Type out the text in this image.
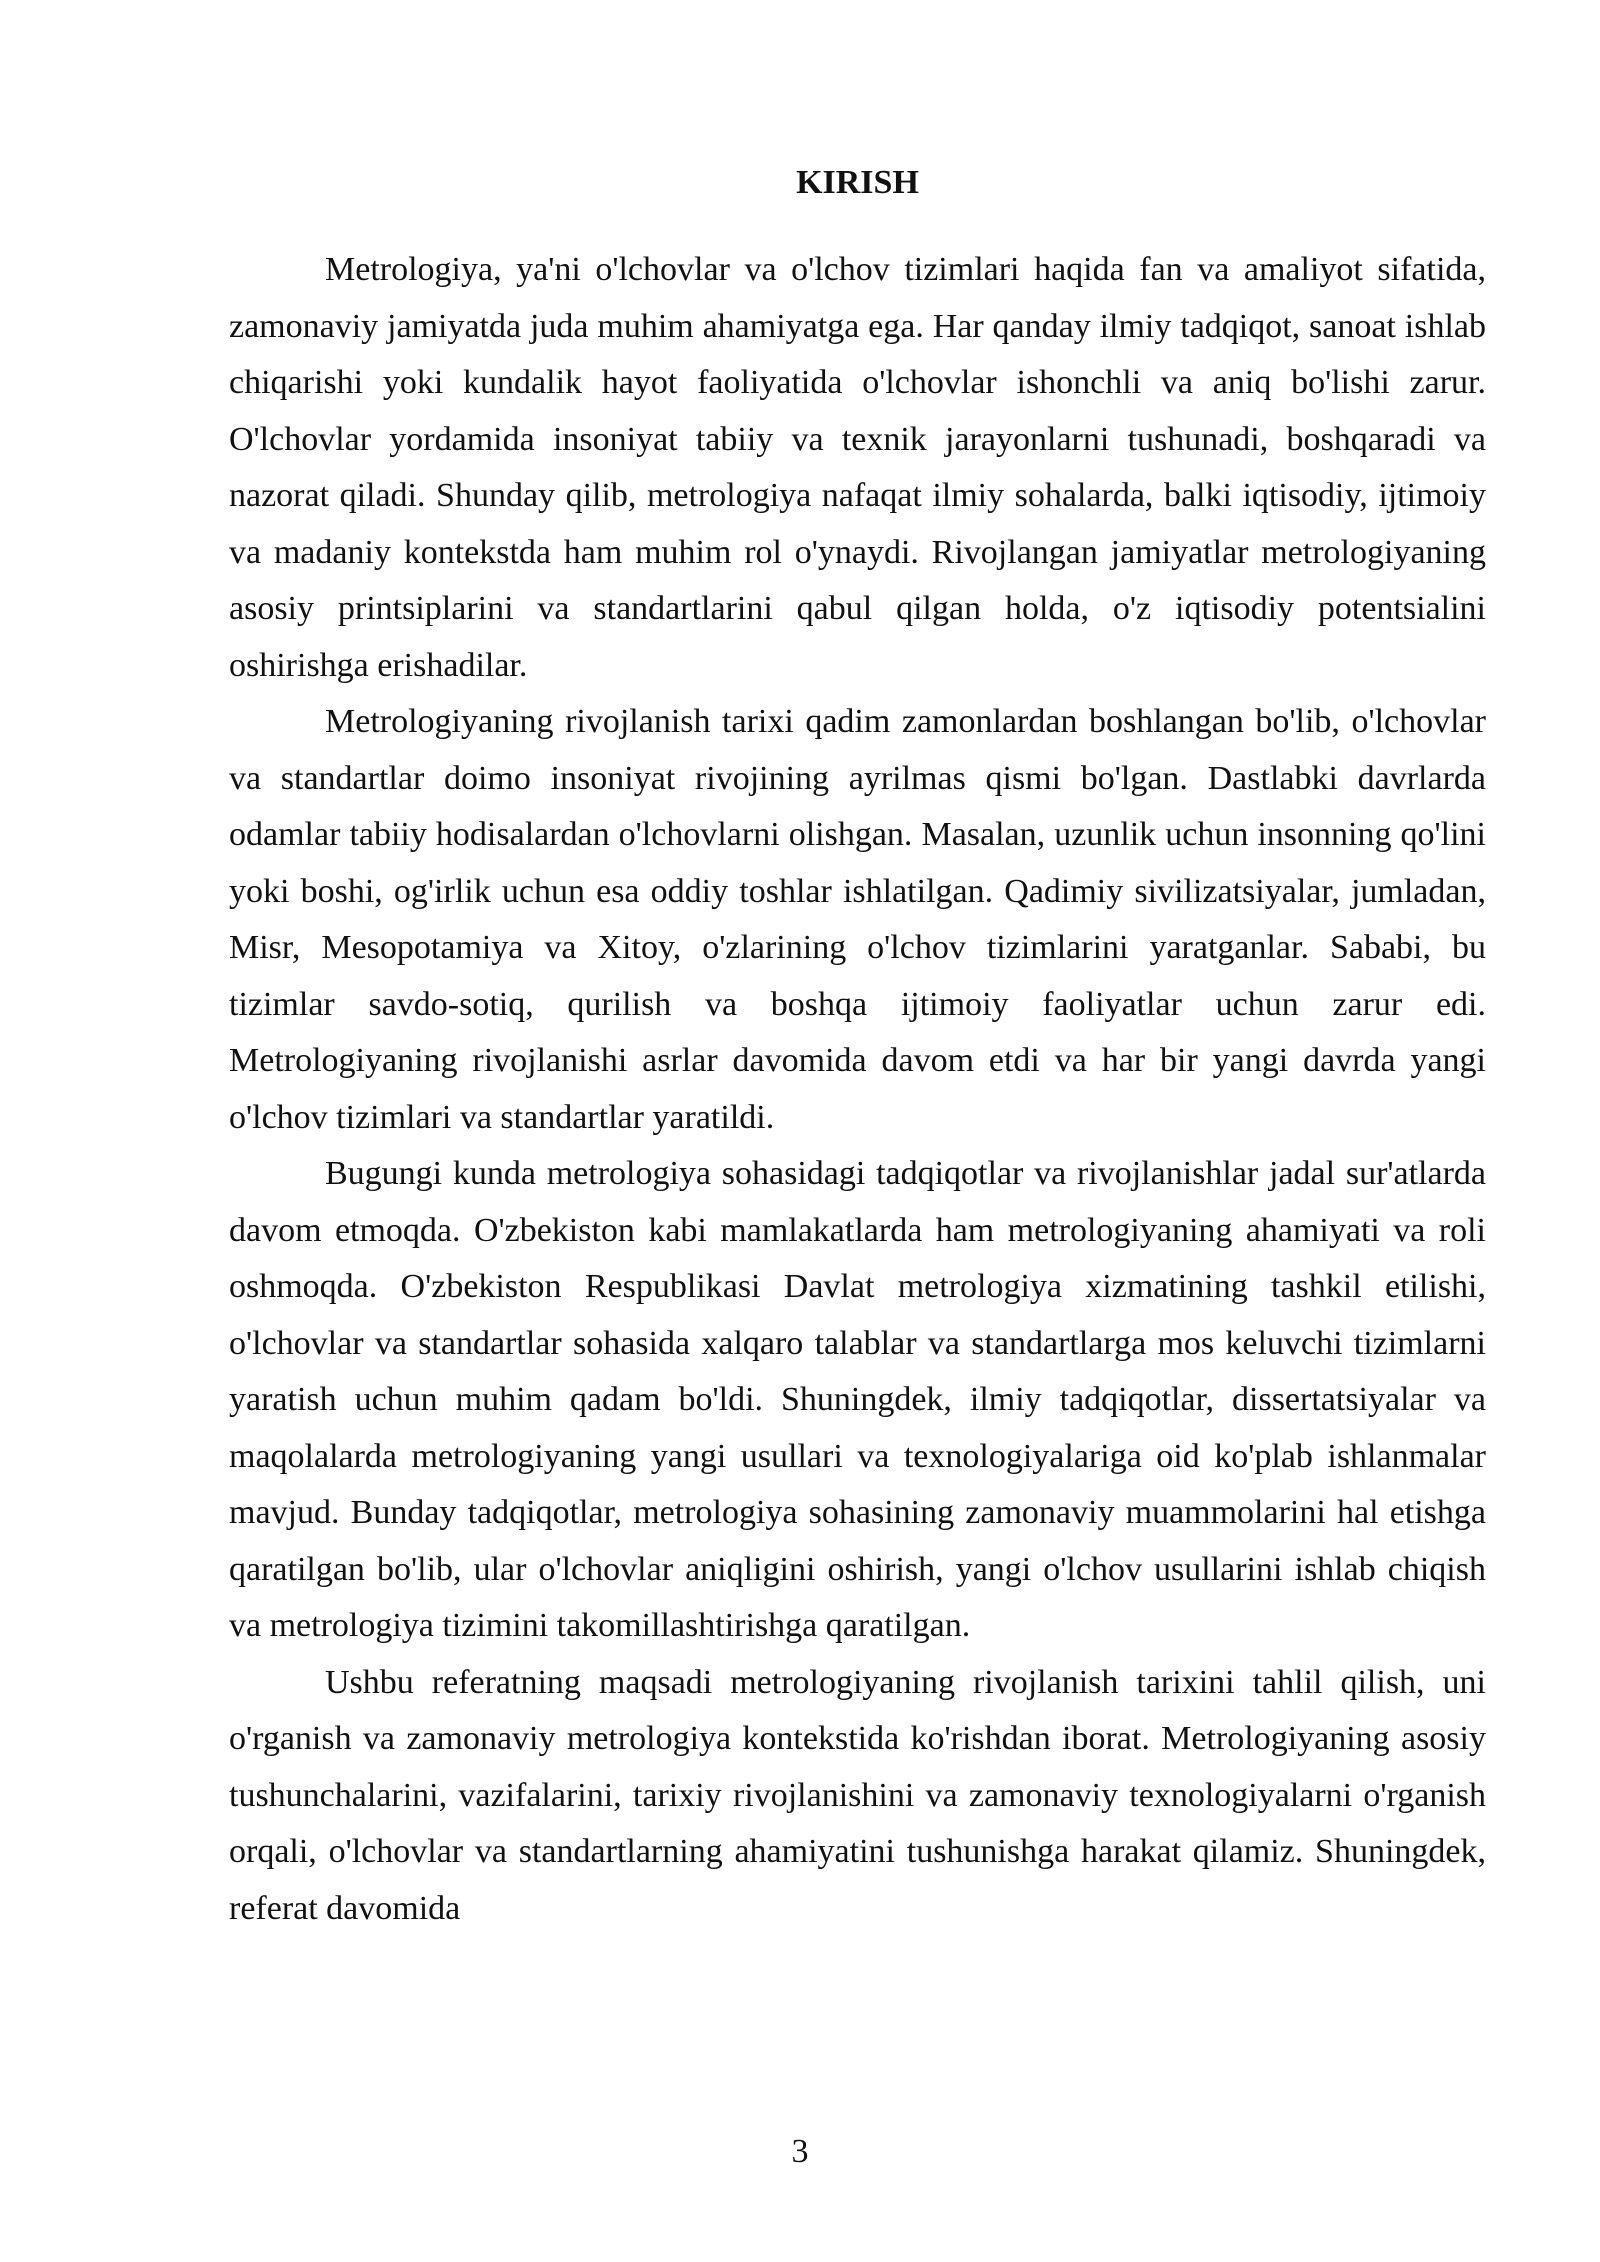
KIRISH

Metrologiya, ya'ni o'lchovlar va o'lchov tizimlari haqida fan va amaliyot sifatida, zamonaviy jamiyatda juda muhim ahamiyatga ega. Har qanday ilmiy tadqiqot, sanoat ishlab chiqarishi yoki kundalik hayot faoliyatida o'lchovlar ishonchli va aniq bo'lishi zarur. O'lchovlar yordamida insoniyat tabiiy va texnik jarayonlarni tushunadi, boshqaradi va nazorat qiladi. Shunday qilib, metrologiya nafaqat ilmiy sohalarda, balki iqtisodiy, ijtimoiy va madaniy kontekstda ham muhim rol o'ynaydi. Rivojlangan jamiyatlar metrologiyaning asosiy printsiplarini va standartlarini qabul qilgan holda, o'z iqtisodiy potentsialini oshirishga erishadilar.

Metrologiyaning rivojlanish tarixi qadim zamonlardan boshlangan bo'lib, o'lchovlar va standartlar doimo insoniyat rivojining ayrilmas qismi bo'lgan. Dastlabki davrlarda odamlar tabiiy hodisalardan o'lchovlarni olishgan. Masalan, uzunlik uchun insonning qo'lini yoki boshi, og'irlik uchun esa oddiy toshlar ishlatilgan. Qadimiy sivilizatsiyalar, jumladan, Misr, Mesopotamiya va Xitoy, o'zlarining o'lchov tizimlarini yaratganlar. Sababi, bu tizimlar savdo-sotiq, qurilish va boshqa ijtimoiy faoliyatlar uchun zarur edi. Metrologiyaning rivojlanishi asrlar davomida davom etdi va har bir yangi davrda yangi o'lchov tizimlari va standartlar yaratildi.

Bugungi kunda metrologiya sohasidagi tadqiqotlar va rivojlanishlar jadal sur'atlarda davom etmoqda. O'zbekiston kabi mamlakatlarda ham metrologiyaning ahamiyati va roli oshmoqda. O'zbekiston Respublikasi Davlat metrologiya xizmatining tashkil etilishi, o'lchovlar va standartlar sohasida xalqaro talablar va standartlarga mos keluvchi tizimlarni yaratish uchun muhim qadam bo'ldi. Shuningdek, ilmiy tadqiqotlar, dissertatsiyalar va maqolalarda metrologiyaning yangi usullari va texnologiyalariga oid ko'plab ishlanmalar mavjud. Bunday tadqiqotlar, metrologiya sohasining zamonaviy muammolarini hal etishga qaratilgan bo'lib, ular o'lchovlar aniqligini oshirish, yangi o'lchov usullarini ishlab chiqish va metrologiya tizimini takomillashtirishga qaratilgan.

Ushbu referatning maqsadi metrologiyaning rivojlanish tarixini tahlil qilish, uni o'rganish va zamonaviy metrologiya kontekstida ko'rishdan iborat. Metrologiyaning asosiy tushunchalarini, vazifalarini, tarixiy rivojlanishini va zamonaviy texnologiyalarni o'rganish orqali, o'lchovlar va standartlarning ahamiyatini tushunishga harakat qilamiz. Shuningdek, referat davomida

3
